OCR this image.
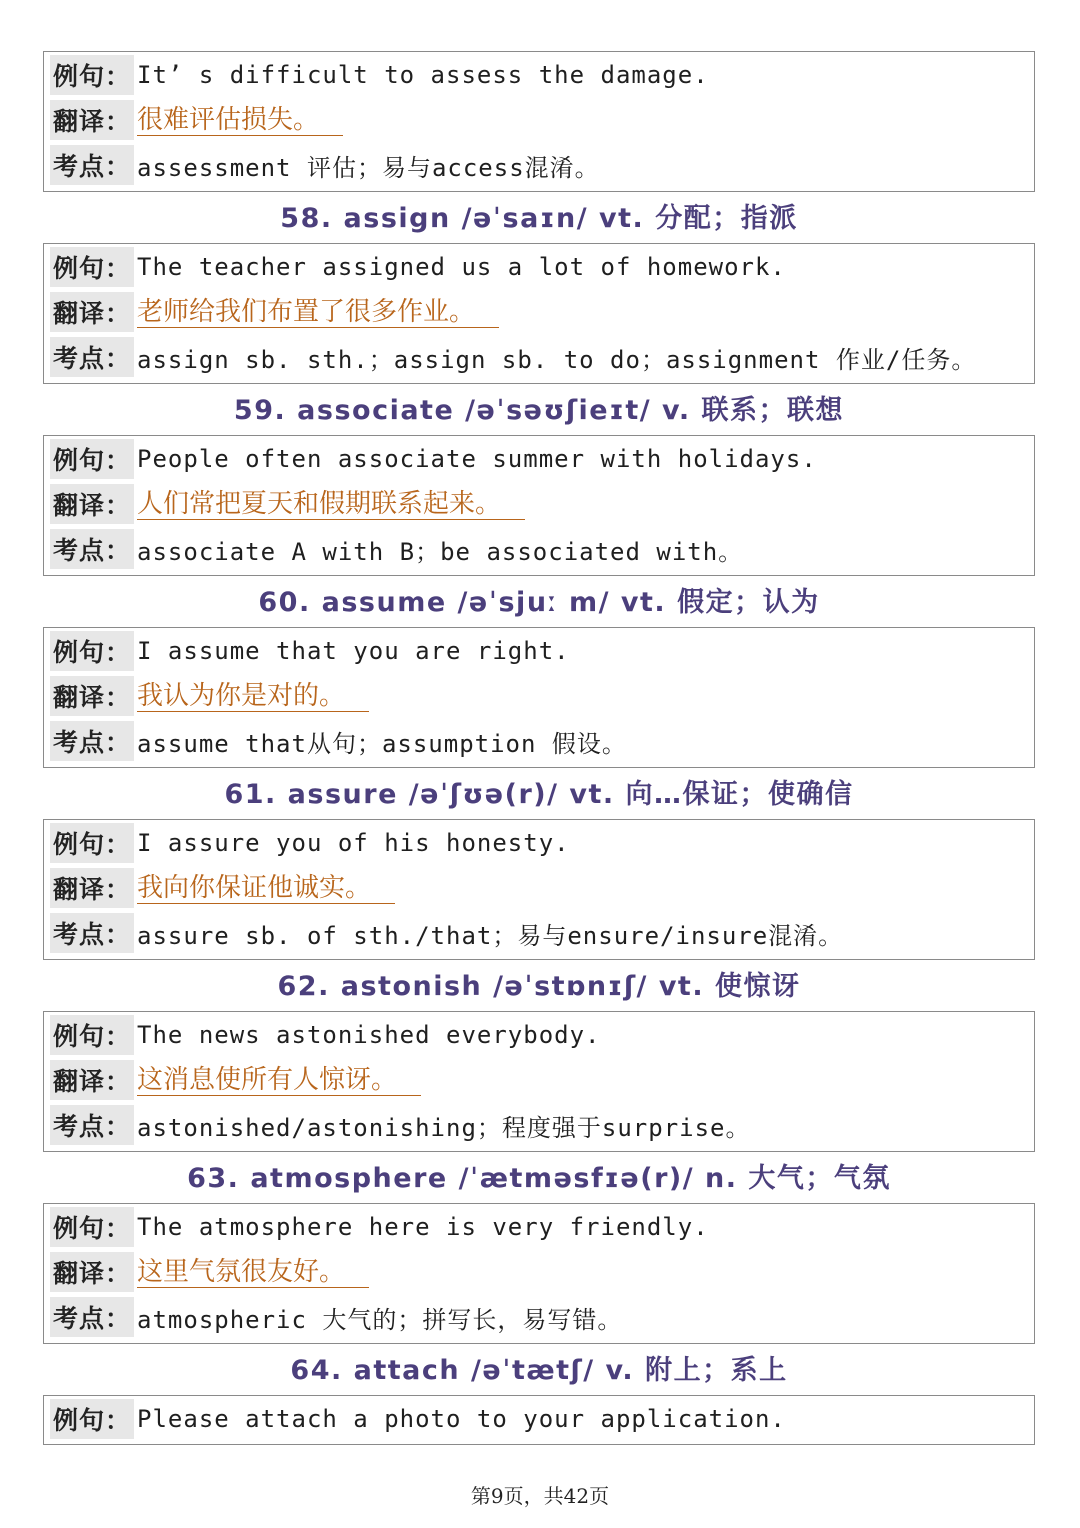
例句： It’ s difficult to assess the damage.
翻译： 很难评估损失。
考点： assessment 评估；易与access混淆。
58. assign /əˈsaɪn/ vt. 分配；指派
例句： The teacher assigned us a lot of homework.
翻译： 老师给我们布置了很多作业。
考点： assign sb. sth.；assign sb. to do；assignment 作业/任务。
59. associate /əˈsəʊʃieɪt/ v. 联系；联想
例句： People often associate summer with holidays.
翻译： 人们常把夏天和假期联系起来。
考点： associate A with B；be associated with。
60. assume /əˈsjuː m/ vt. 假定；认为
例句： I assume that you are right.
翻译： 我认为你是对的。
考点： assume that从句；assumption 假设。
61. assure /əˈʃʊə(r)/ vt. 向…保证；使确信
例句： I assure you of his honesty.
翻译： 我向你保证他诚实。
考点： assure sb. of sth./that；易与ensure/insure混淆。
62. astonish /əˈstɒnɪʃ/ vt. 使惊讶
例句： The news astonished everybody.
翻译： 这消息使所有人惊讶。
考点： astonished/astonishing；程度强于surprise。
63. atmosphere /ˈætməsfɪə(r)/ n. 大气；气氛
例句： The atmosphere here is very friendly.
翻译： 这里气氛很友好。
考点： atmospheric 大气的；拼写长，易写错。
64. attach /əˈtætʃ/ v. 附上；系上
例句： Please attach a photo to your application.
第9页，共42页
